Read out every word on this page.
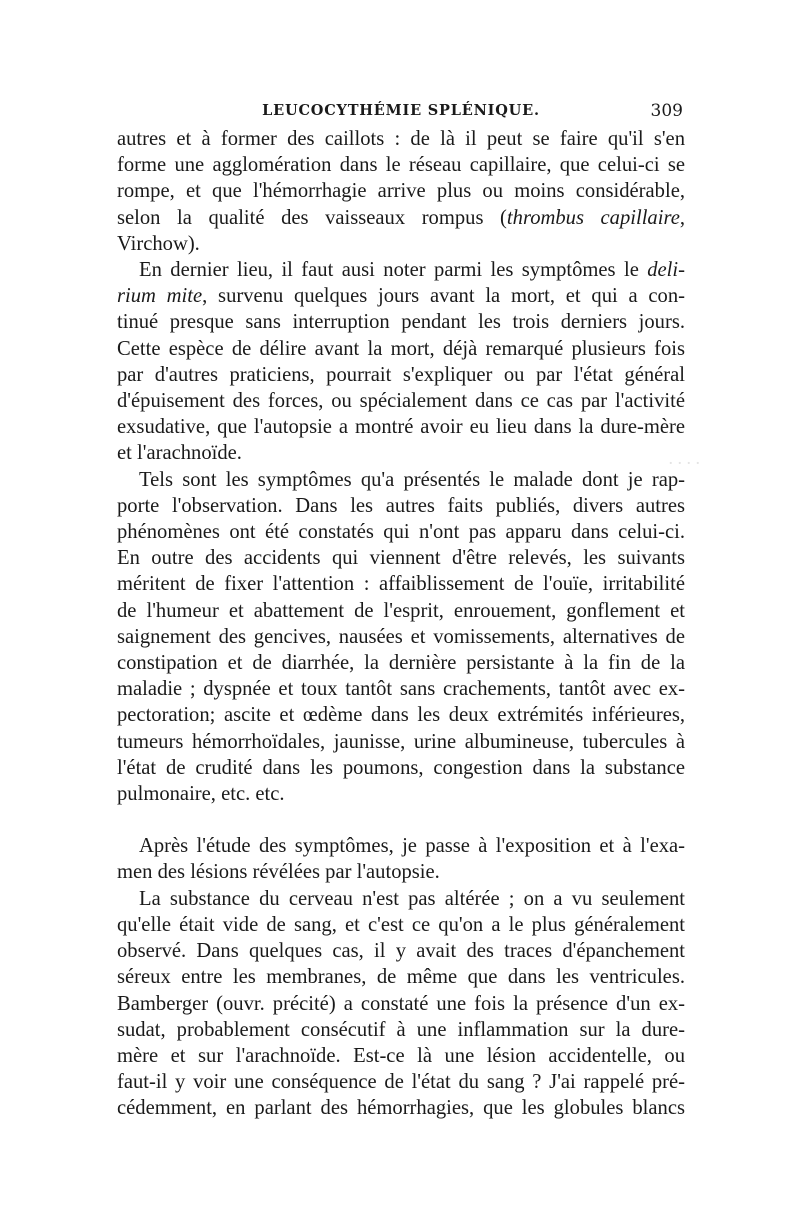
. . . .
LEUCOCYTHÉMIE SPLÉNIQUE.	309

autres et à former des caillots : de là il peut se faire qu'il s'en
forme une agglomération dans le réseau capillaire, que celui-ci se
rompe, et que l'hémorrhagie arrive plus ou moins considérable,
selon la qualité des vaisseaux rompus (thrombus capillaire,
Virchow).

En dernier lieu, il faut ausi noter parmi les symptômes le deli-
rium mite, survenu quelques jours avant la mort, et qui a con-
tinué presque sans interruption pendant les trois derniers jours.
Cette espèce de délire avant la mort, déjà remarqué plusieurs fois
par d'autres praticiens, pourrait s'expliquer ou par l'état général
d'épuisement des forces, ou spécialement dans ce cas par l'activité
exsudative, que l'autopsie a montré avoir eu lieu dans la dure-mère
et l'arachnoïde.

Tels sont les symptômes qu'a présentés le malade dont je rap-
porte l'observation. Dans les autres faits publiés, divers autres
phénomènes ont été constatés qui n'ont pas apparu dans celui-ci.
En outre des accidents qui viennent d'être relevés, les suivants
méritent de fixer l'attention : affaiblissement de l'ouïe, irritabilité
de l'humeur et abattement de l'esprit, enrouement, gonflement et
saignement des gencives, nausées et vomissements, alternatives de
constipation et de diarrhée, la dernière persistante à la fin de la
maladie ; dyspnée et toux tantôt sans crachements, tantôt avec ex-
pectoration; ascite et œdème dans les deux extrémités inférieures,
tumeurs hémorrhoïdales, jaunisse, urine albumineuse, tubercules à
l'état de crudité dans les poumons, congestion dans la substance
pulmonaire, etc. etc.

Après l'étude des symptômes, je passe à l'exposition et à l'exa-
men des lésions révélées par l'autopsie.

La substance du cerveau n'est pas altérée ; on a vu seulement
qu'elle était vide de sang, et c'est ce qu'on a le plus généralement
observé. Dans quelques cas, il y avait des traces d'épanchement
séreux entre les membranes, de même que dans les ventricules.
Bamberger (ouvr. précité) a constaté une fois la présence d'un ex-
sudat, probablement consécutif à une inflammation sur la dure-
mère et sur l'arachnoïde. Est-ce là une lésion accidentelle, ou
faut-il y voir une conséquence de l'état du sang ? J'ai rappelé pré-
cédemment, en parlant des hémorrhagies, que les globules blancs
